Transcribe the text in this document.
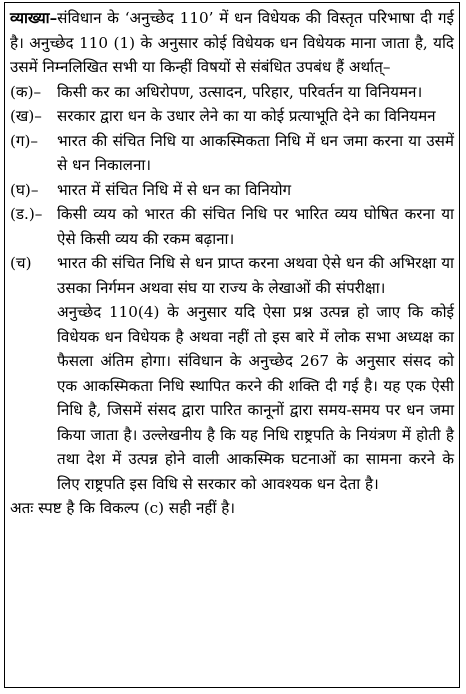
व्याख्या–संविधान के ‘अनुच्छेद 110’ में धन विधेयक की विस्तृत परिभाषा दी गई है। अनुच्छेद 110 (1) के अनुसार कोई विधेयक धन विधेयक माना जाता है, यदि उसमें निम्नलिखित सभी या किन्हीं विषयों से संबंधित उपबंध हैं अर्थात्–
(क)–	किसी कर का अधिरोपण, उत्सादन, परिहार, परिवर्तन या विनियमन।
(ख)– सरकार द्वारा धन के उधार लेने का या कोई प्रत्याभूति देने का विनियमन
(ग)–	भारत की संचित निधि या आकस्मिकता निधि में धन जमा करना या उसमें से धन निकालना।
(घ)–	भारत में संचित निधि में से धन का विनियोग
(ड.)– किसी व्यय को भारत की संचित निधि पर भारित व्यय घोषित करना या ऐसे किसी व्यय की रकम बढ़ाना।
(च)	भारत की संचित निधि से धन प्राप्त करना अथवा ऐसे धन की अभिरक्षा या उसका निर्गमन अथवा संघ या राज्य के लेखाओं की संपरीक्षा।
अनुच्छेद 110(4) के अनुसार यदि ऐसा प्रश्न उत्पन्न हो जाए कि कोई विधेयक धन विधेयक है अथवा नहीं तो इस बारे में लोक सभा अध्यक्ष का फैसला अंतिम होगा। संविधान के अनुच्छेद 267 के अनुसार संसद को एक आकस्मिकता निधि स्थापित करने की शक्ति दी गई है। यह एक ऐसी निधि है, जिसमें संसद द्वारा पारित कानूनों द्वारा समय-समय पर धन जमा किया जाता है। उल्लेखनीय है कि यह निधि राष्ट्रपति के नियंत्रण में होती है तथा देश में उत्पन्न होने वाली आकस्मिक घटनाओं का सामना करने के लिए राष्ट्रपति इस विधि से सरकार को आवश्यक धन देता है।
अतः स्पष्ट है कि विकल्प (c) सही नहीं है।
